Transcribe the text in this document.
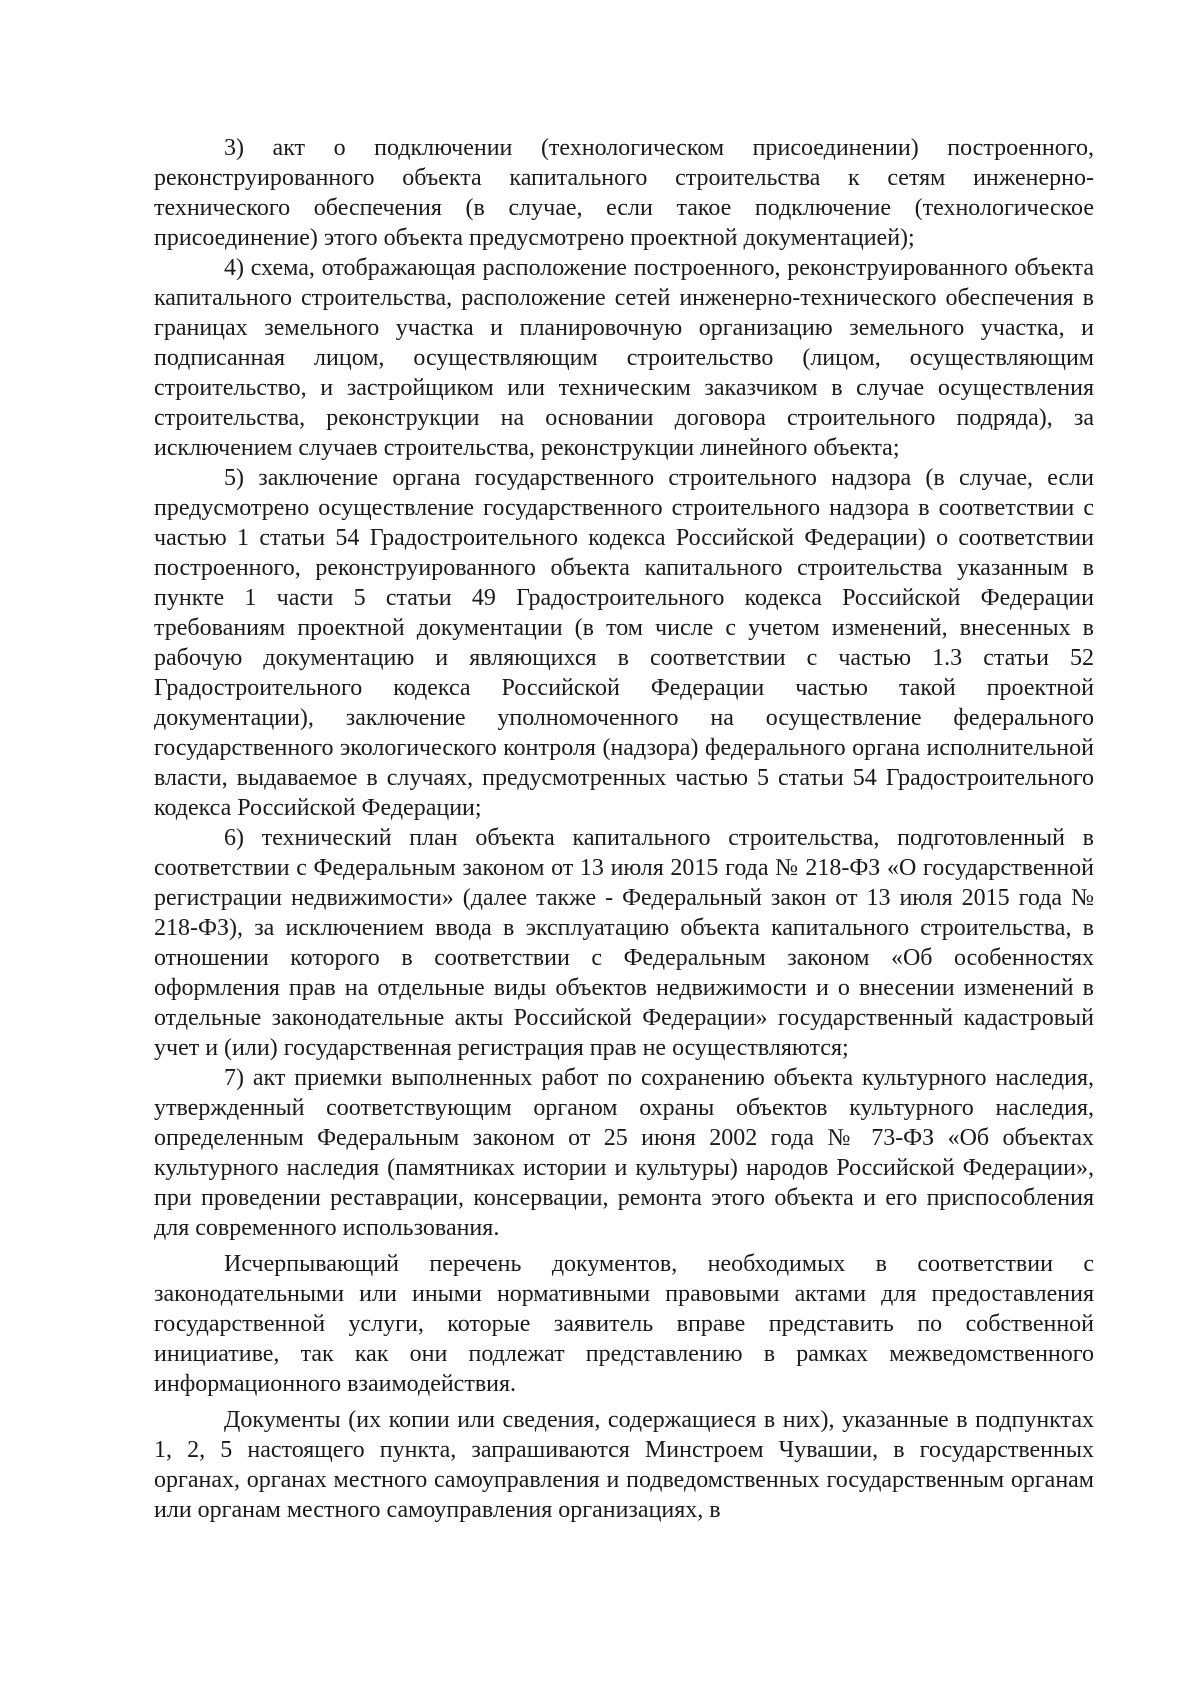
3) акт о подключении (технологическом присоединении) построенного, реконструированного объекта капитального строительства к сетям инженерно-технического обеспечения (в случае, если такое подключение (технологическое присоединение) этого объекта предусмотрено проектной документацией);

4) схема, отображающая расположение построенного, реконструированного объекта капитального строительства, расположение сетей инженерно-технического обеспечения в границах земельного участка и планировочную организацию земельного участка, и подписанная лицом, осуществляющим строительство (лицом, осуществляющим строительство, и застройщиком или техническим заказчиком в случае осуществления строительства, реконструкции на основании договора строительного подряда), за исключением случаев строительства, реконструкции линейного объекта;

5) заключение органа государственного строительного надзора (в случае, если предусмотрено осуществление государственного строительного надзора в соответствии с частью 1 статьи 54 Градостроительного кодекса Российской Федерации) о соответствии построенного, реконструированного объекта капитального строительства указанным в пункте 1 части 5 статьи 49 Градостроительного кодекса Российской Федерации требованиям проектной документации (в том числе с учетом изменений, внесенных в рабочую документацию и являющихся в соответствии с частью 1.3 статьи 52 Градостроительного кодекса Российской Федерации частью такой проектной документации), заключение уполномоченного на осуществление федерального государственного экологического контроля (надзора) федерального органа исполнительной власти, выдаваемое в случаях, предусмотренных частью 5 статьи 54 Градостроительного кодекса Российской Федерации;

6) технический план объекта капитального строительства, подготовленный в соответствии с Федеральным законом от 13 июля 2015 года № 218-ФЗ «О государственной регистрации недвижимости» (далее также - Федеральный закон от 13 июля 2015 года № 218-ФЗ), за исключением ввода в эксплуатацию объекта капитального строительства, в отношении которого в соответствии с Федеральным законом «Об особенностях оформления прав на отдельные виды объектов недвижимости и о внесении изменений в отдельные законодательные акты Российской Федерации» государственный кадастровый учет и (или) государственная регистрация прав не осуществляются;

7) акт приемки выполненных работ по сохранению объекта культурного наследия, утвержденный соответствующим органом охраны объектов культурного наследия, определенным Федеральным законом от 25 июня 2002 года № 73-ФЗ «Об объектах культурного наследия (памятниках истории и культуры) народов Российской Федерации», при проведении реставрации, консервации, ремонта этого объекта и его приспособления для современного использования.

Исчерпывающий перечень документов, необходимых в соответствии с законодательными или иными нормативными правовыми актами для предоставления государственной услуги, которые заявитель вправе представить по собственной инициативе, так как они подлежат представлению в рамках межведомственного информационного взаимодействия.

Документы (их копии или сведения, содержащиеся в них), указанные в подпунктах 1, 2, 5 настоящего пункта, запрашиваются Минстроем Чувашии, в государственных органах, органах местного самоуправления и подведомственных государственным органам или органам местного самоуправления организациях, в
